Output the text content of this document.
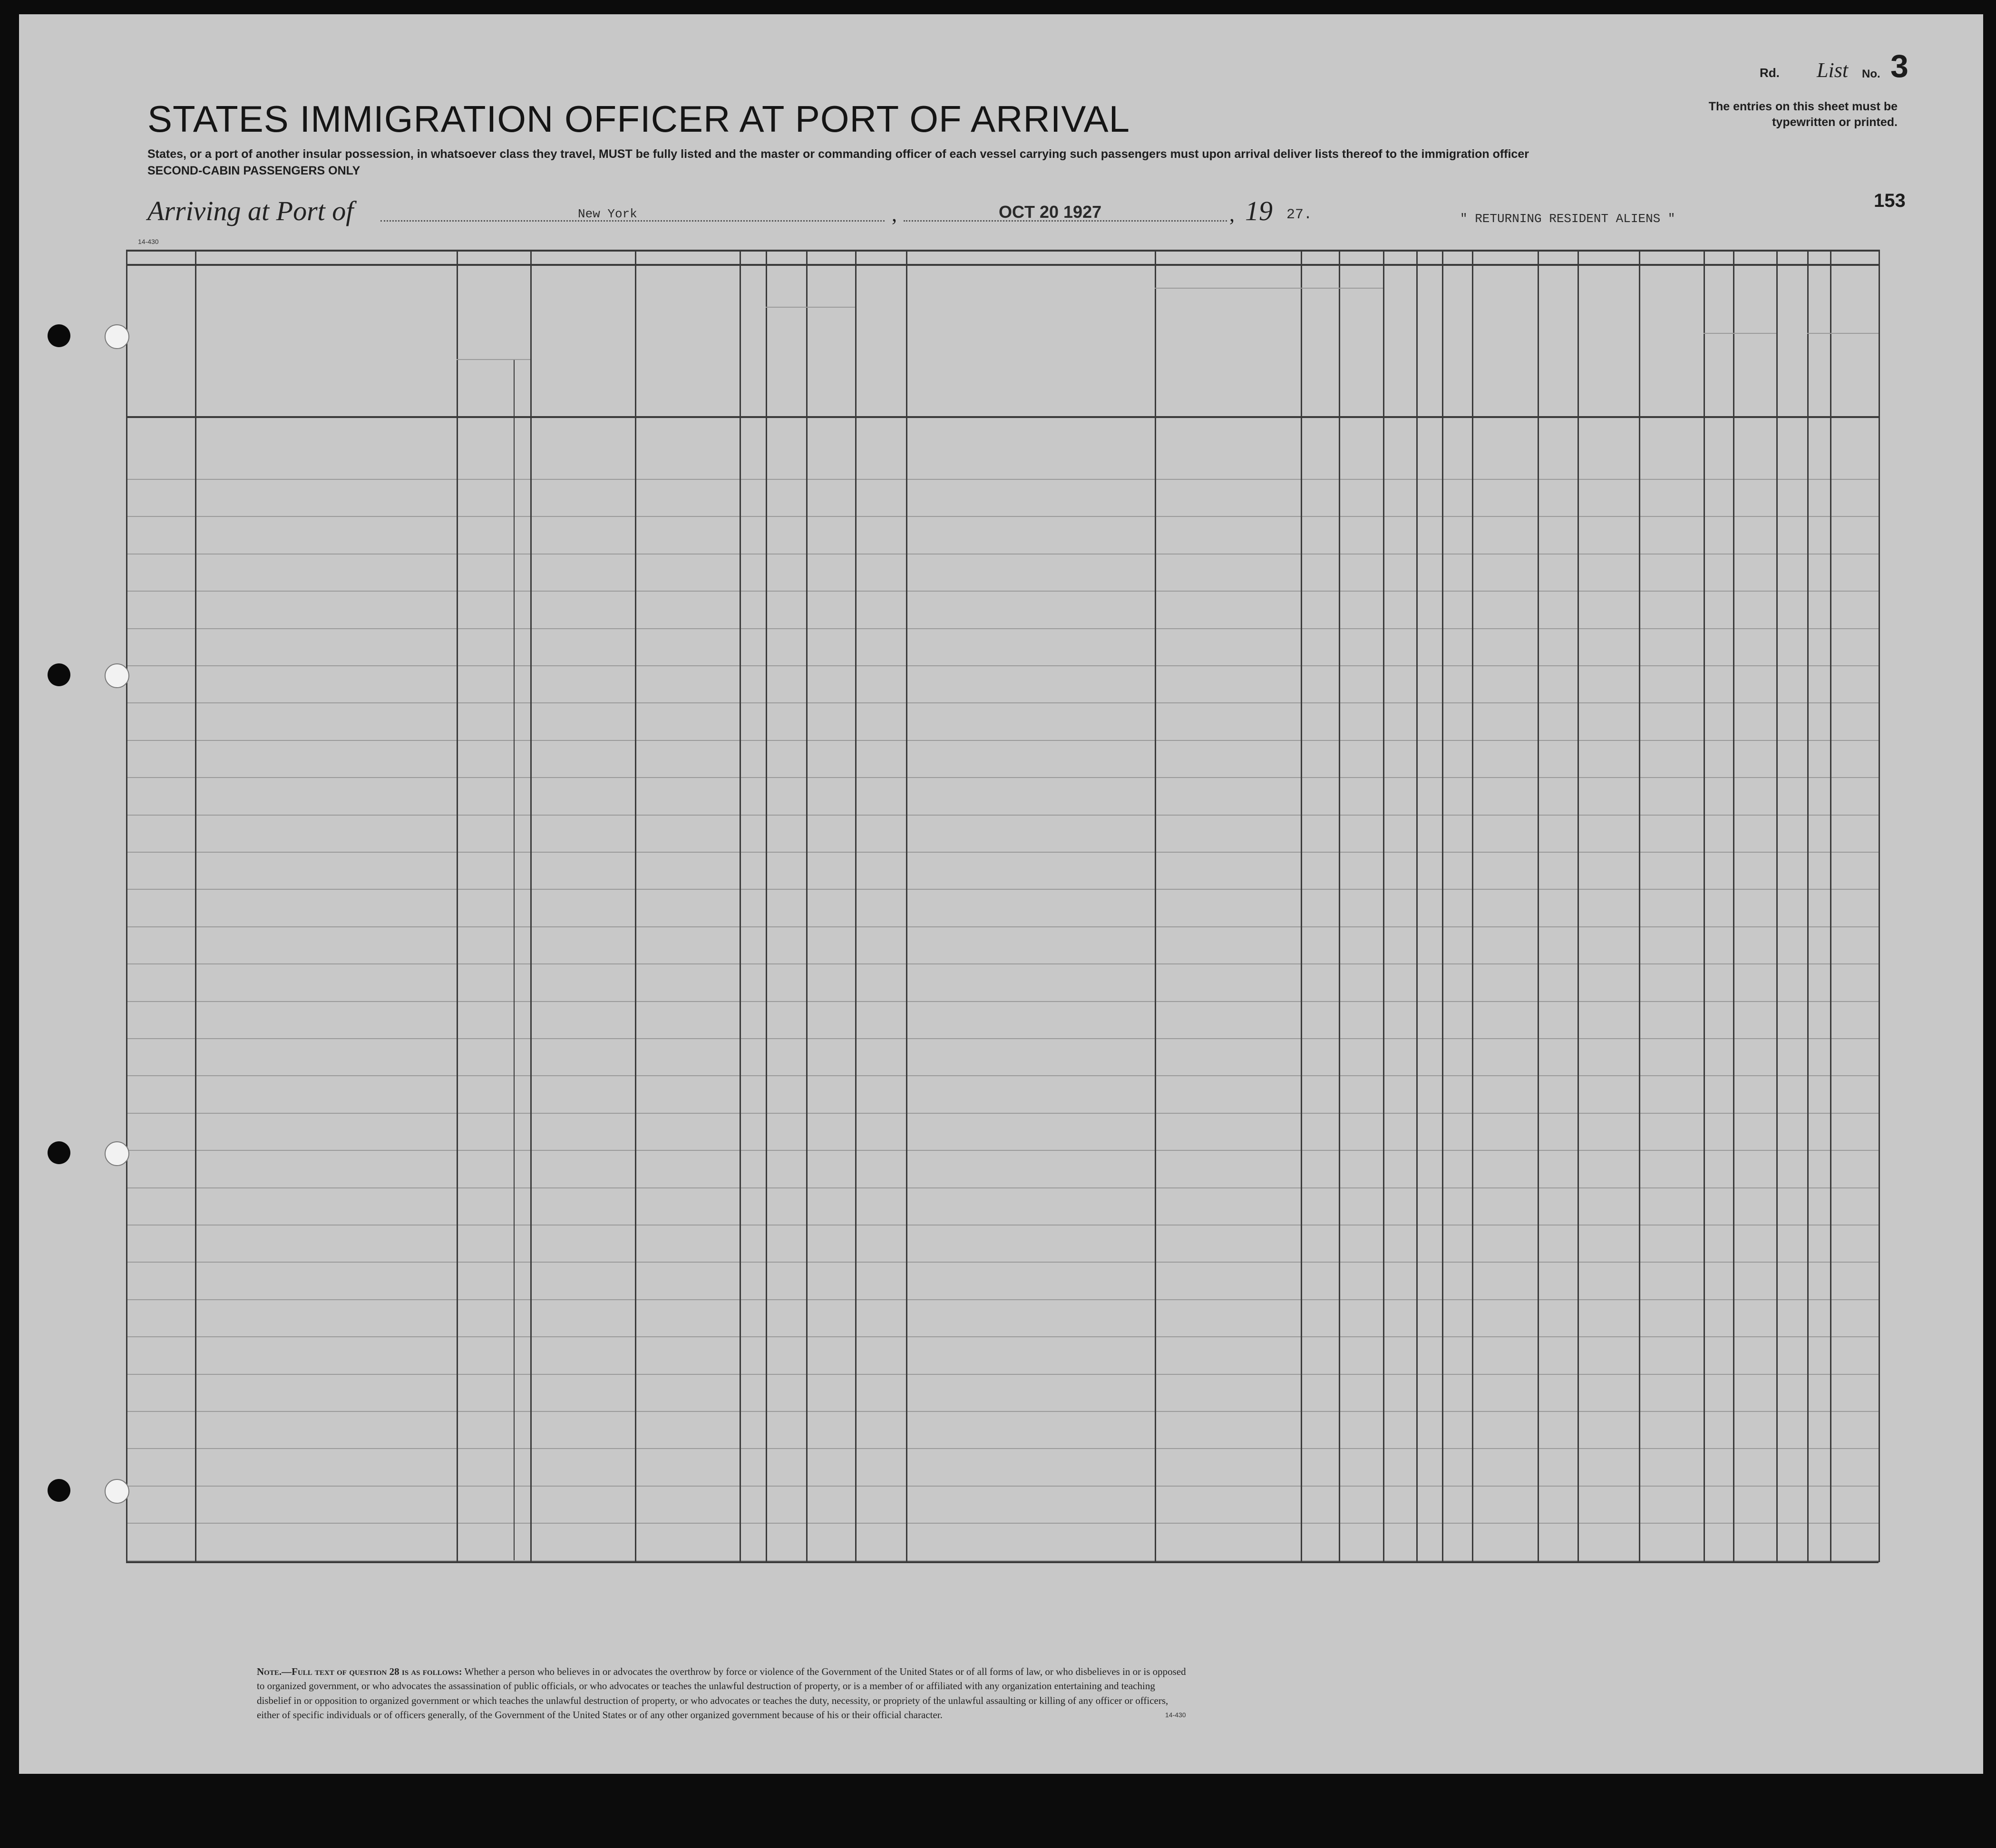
Rd. List No. 3
The entries on this sheet must be typewritten or printed.
STATES IMMIGRATION OFFICER AT PORT OF ARRIVAL
States, or a port of another insular possession, in whatsoever class they travel, MUST be fully listed and the master or commanding officer of each vessel carrying such passengers must upon arrival deliver lists thereof to the immigration officer
SECOND-CABIN PASSENGERS ONLY
Arriving at Port of	New York	,	OCT 20 1927	, 19 27.	" RETURNING RESIDENT ALIENS "
153
14-430
Note.—Full text of question 28 is as follows: Whether a person who believes in or advocates the overthrow by force or violence of the Government of the United States or of all forms of law, or who disbelieves in or is opposed to organized government, or who advocates the assassination of public officials, or who advocates or teaches the unlawful destruction of property, or is a member of or affiliated with any organization entertaining and teaching disbelief in or opposition to organized government or which teaches the unlawful destruction of property, or who advocates or teaches the duty, necessity, or propriety of the unlawful assaulting or killing of any officer or officers, either of specific individuals or of officers generally, of the Government of the United States or of any other organized government because of his or their official character.	14-430
